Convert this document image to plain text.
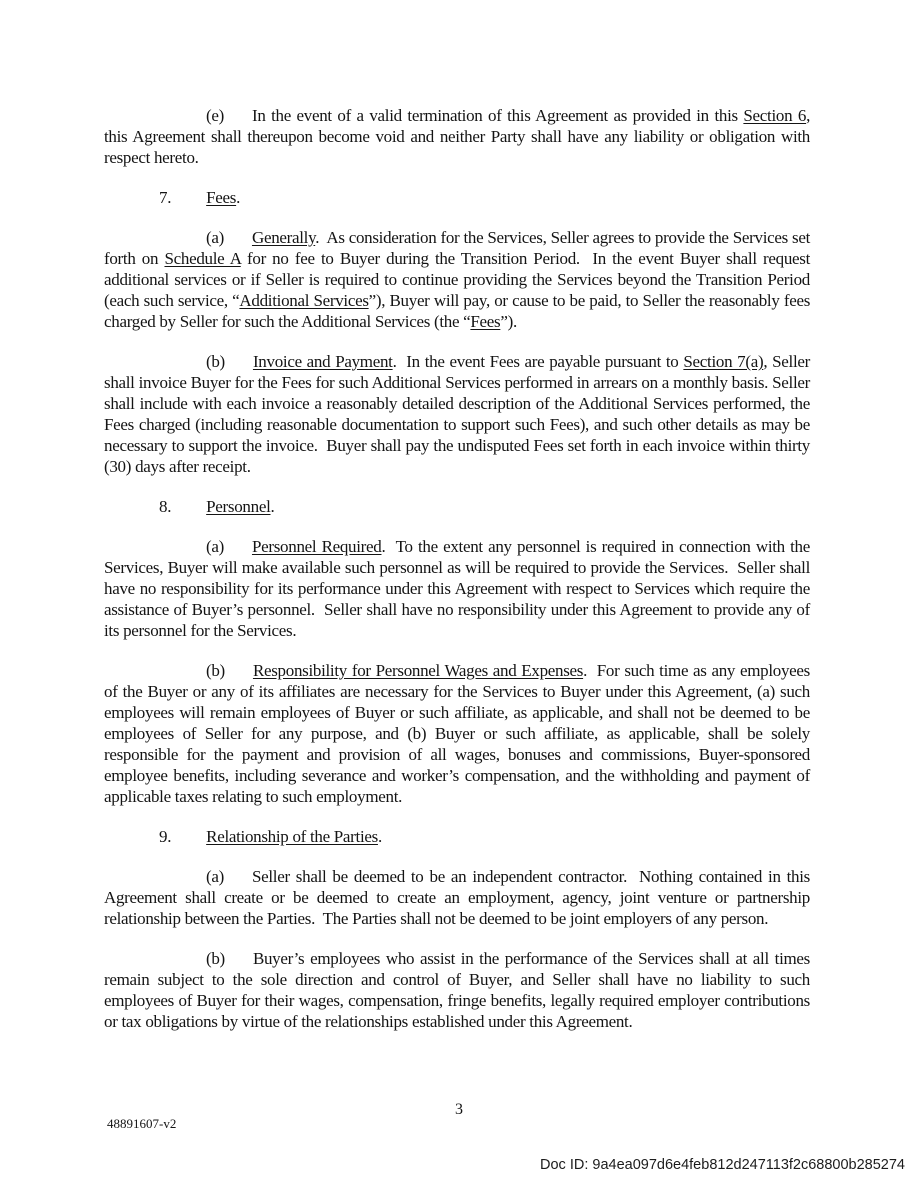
(e) In the event of a valid termination of this Agreement as provided in this Section 6, this Agreement shall thereupon become void and neither Party shall have any liability or obligation with respect hereto.

7. Fees.

(a) Generally.  As consideration for the Services, Seller agrees to provide the Services set forth on Schedule A for no fee to Buyer during the Transition Period.  In the event Buyer shall request additional services or if Seller is required to continue providing the Services beyond the Transition Period (each such service, “Additional Services”), Buyer will pay, or cause to be paid, to Seller the reasonably fees charged by Seller for such the Additional Services (the “Fees”).

(b) Invoice and Payment.  In the event Fees are payable pursuant to Section 7(a), Seller shall invoice Buyer for the Fees for such Additional Services performed in arrears on a monthly basis. Seller shall include with each invoice a reasonably detailed description of the Additional Services performed, the Fees charged (including reasonable documentation to support such Fees), and such other details as may be necessary to support the invoice.  Buyer shall pay the undisputed Fees set forth in each invoice within thirty (30) days after receipt.

8. Personnel.

(a) Personnel Required.  To the extent any personnel is required in connection with the Services, Buyer will make available such personnel as will be required to provide the Services.  Seller shall have no responsibility for its performance under this Agreement with respect to Services which require the assistance of Buyer’s personnel.  Seller shall have no responsibility under this Agreement to provide any of its personnel for the Services.

(b) Responsibility for Personnel Wages and Expenses.  For such time as any employees of the Buyer or any of its affiliates are necessary for the Services to Buyer under this Agreement, (a) such employees will remain employees of Buyer or such affiliate, as applicable, and shall not be deemed to be employees of Seller for any purpose, and (b) Buyer or such affiliate, as applicable, shall be solely responsible for the payment and provision of all wages, bonuses and commissions, Buyer-sponsored employee benefits, including severance and worker’s compensation, and the withholding and payment of applicable taxes relating to such employment.

9. Relationship of the Parties.

(a) Seller shall be deemed to be an independent contractor.  Nothing contained in this Agreement shall create or be deemed to create an employment, agency, joint venture or partnership relationship between the Parties.  The Parties shall not be deemed to be joint employers of any person.

(b) Buyer’s employees who assist in the performance of the Services shall at all times remain subject to the sole direction and control of Buyer, and Seller shall have no liability to such employees of Buyer for their wages, compensation, fringe benefits, legally required employer contributions or tax obligations by virtue of the relationships established under this Agreement.

3
48891607-v2
Doc ID: 9a4ea097d6e4feb812d247113f2c68800b285274
